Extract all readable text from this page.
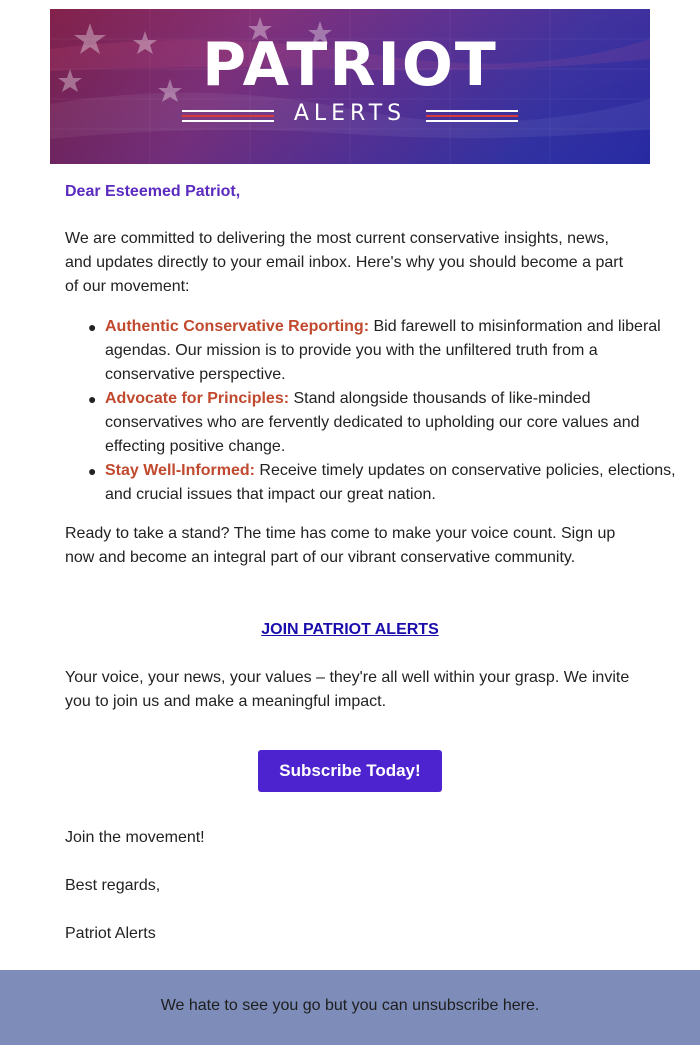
PATRIOT
ALERTS

Dear Esteemed Patriot,

We are committed to delivering the most current conservative insights, news, and updates directly to your email inbox. Here's why you should become a part of our movement:

● Authentic Conservative Reporting: Bid farewell to misinformation and liberal agendas. Our mission is to provide you with the unfiltered truth from a conservative perspective.
● Advocate for Principles: Stand alongside thousands of like-minded conservatives who are fervently dedicated to upholding our core values and effecting positive change.
● Stay Well-Informed: Receive timely updates on conservative policies, elections, and crucial issues that impact our great nation.

Ready to take a stand? The time has come to make your voice count. Sign up now and become an integral part of our vibrant conservative community.

JOIN PATRIOT ALERTS

Your voice, your news, your values – they're all well within your grasp. We invite you to join us and make a meaningful impact.

Subscribe Today!

Join the movement!

Best regards,

Patriot Alerts

We hate to see you go but you can unsubscribe here.
